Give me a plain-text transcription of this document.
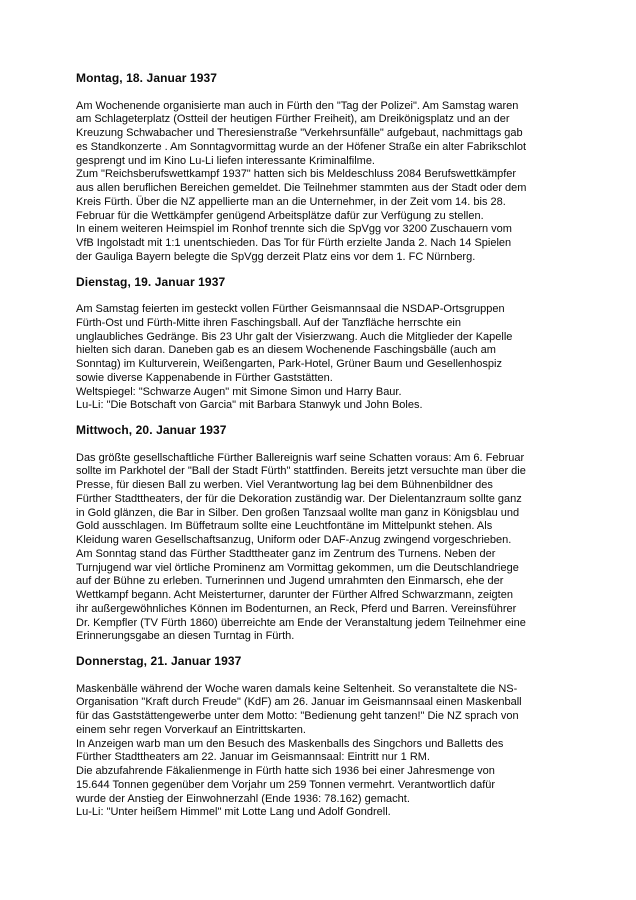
Montag, 18. Januar 1937
Am Wochenende organisierte man auch in Fürth den "Tag der Polizei". Am Samstag waren
am Schlageterplatz (Ostteil der heutigen Fürther Freiheit), am Dreikönigsplatz und an der
Kreuzung Schwabacher und Theresienstraße "Verkehrsunfälle" aufgebaut, nachmittags gab
es Standkonzerte . Am Sonntagvormittag wurde an der Höfener Straße ein alter Fabrikschlot
gesprengt und im Kino Lu-Li liefen interessante Kriminalfilme.
Zum "Reichsberufswettkampf 1937" hatten sich bis Meldeschluss 2084 Berufswettkämpfer
aus allen beruflichen Bereichen gemeldet. Die Teilnehmer stammten aus der Stadt oder dem
Kreis Fürth. Über die NZ appellierte man an die Unternehmer, in der Zeit vom 14. bis 28.
Februar für die Wettkämpfer genügend Arbeitsplätze dafür zur Verfügung zu stellen.
In einem weiteren Heimspiel im Ronhof trennte sich die SpVgg vor 3200 Zuschauern vom
VfB Ingolstadt mit 1:1 unentschieden. Das Tor für Fürth erzielte Janda 2. Nach 14 Spielen
der Gauliga Bayern belegte die SpVgg derzeit Platz eins vor dem 1. FC Nürnberg.
Dienstag, 19. Januar 1937
Am Samstag feierten im gesteckt vollen Fürther Geismannsaal die NSDAP-Ortsgruppen
Fürth-Ost und Fürth-Mitte ihren Faschingsball. Auf der Tanzfläche herrschte ein
unglaubliches Gedränge. Bis 23 Uhr galt der Visierzwang. Auch die Mitglieder der Kapelle
hielten sich daran. Daneben gab es an diesem Wochenende Faschingsbälle (auch am
Sonntag) im Kulturverein, Weißengarten, Park-Hotel, Grüner Baum und Gesellenhospiz
sowie diverse Kappenabende in Fürther Gaststätten.
Weltspiegel: "Schwarze Augen" mit Simone Simon und Harry Baur.
Lu-Li: "Die Botschaft von Garcia" mit Barbara Stanwyk und John Boles.
Mittwoch, 20. Januar 1937
Das größte gesellschaftliche Fürther Ballereignis warf seine Schatten voraus: Am 6. Februar
sollte im Parkhotel der "Ball der Stadt Fürth" stattfinden. Bereits jetzt versuchte man über die
Presse, für diesen Ball zu werben. Viel Verantwortung lag bei dem Bühnenbildner des
Fürther Stadttheaters, der für die Dekoration zuständig war. Der Dielentanzraum sollte ganz
in Gold glänzen, die Bar in Silber. Den großen Tanzsaal wollte man ganz in Königsblau und
Gold ausschlagen. Im Büffetraum sollte eine Leuchtfontäne im Mittelpunkt stehen. Als
Kleidung waren Gesellschaftsanzug, Uniform oder DAF-Anzug zwingend vorgeschrieben.
Am Sonntag stand das Fürther Stadttheater ganz im Zentrum des Turnens. Neben der
Turnjugend war viel örtliche Prominenz am Vormittag gekommen, um die Deutschlandriege
auf der Bühne zu erleben. Turnerinnen und Jugend umrahmten den Einmarsch, ehe der
Wettkampf begann. Acht Meisterturner, darunter der Fürther Alfred Schwarzmann, zeigten
ihr außergewöhnliches Können im Bodenturnen, an Reck, Pferd und Barren. Vereinsführer
Dr. Kempfler (TV Fürth 1860) überreichte am Ende der Veranstaltung jedem Teilnehmer eine
Erinnerungsgabe an diesen Turntag in Fürth.
Donnerstag, 21. Januar 1937
Maskenbälle während der Woche waren damals keine Seltenheit. So veranstaltete die NS-
Organisation "Kraft durch Freude" (KdF) am 26. Januar im Geismannsaal einen Maskenball
für das Gaststättengewerbe unter dem Motto: "Bedienung geht tanzen!" Die NZ sprach von
einem sehr regen Vorverkauf an Eintrittskarten.
In Anzeigen warb man um den Besuch des Maskenballs des Singchors und Balletts des
Fürther Stadttheaters am 22. Januar im Geismannsaal: Eintritt nur 1 RM.
Die abzufahrende Fäkalienmenge in Fürth hatte sich 1936 bei einer Jahresmenge von
15.644 Tonnen gegenüber dem Vorjahr um 259 Tonnen vermehrt. Verantwortlich dafür
wurde der Anstieg der Einwohnerzahl (Ende 1936: 78.162) gemacht.
Lu-Li: "Unter heißem Himmel" mit Lotte Lang und Adolf Gondrell.
